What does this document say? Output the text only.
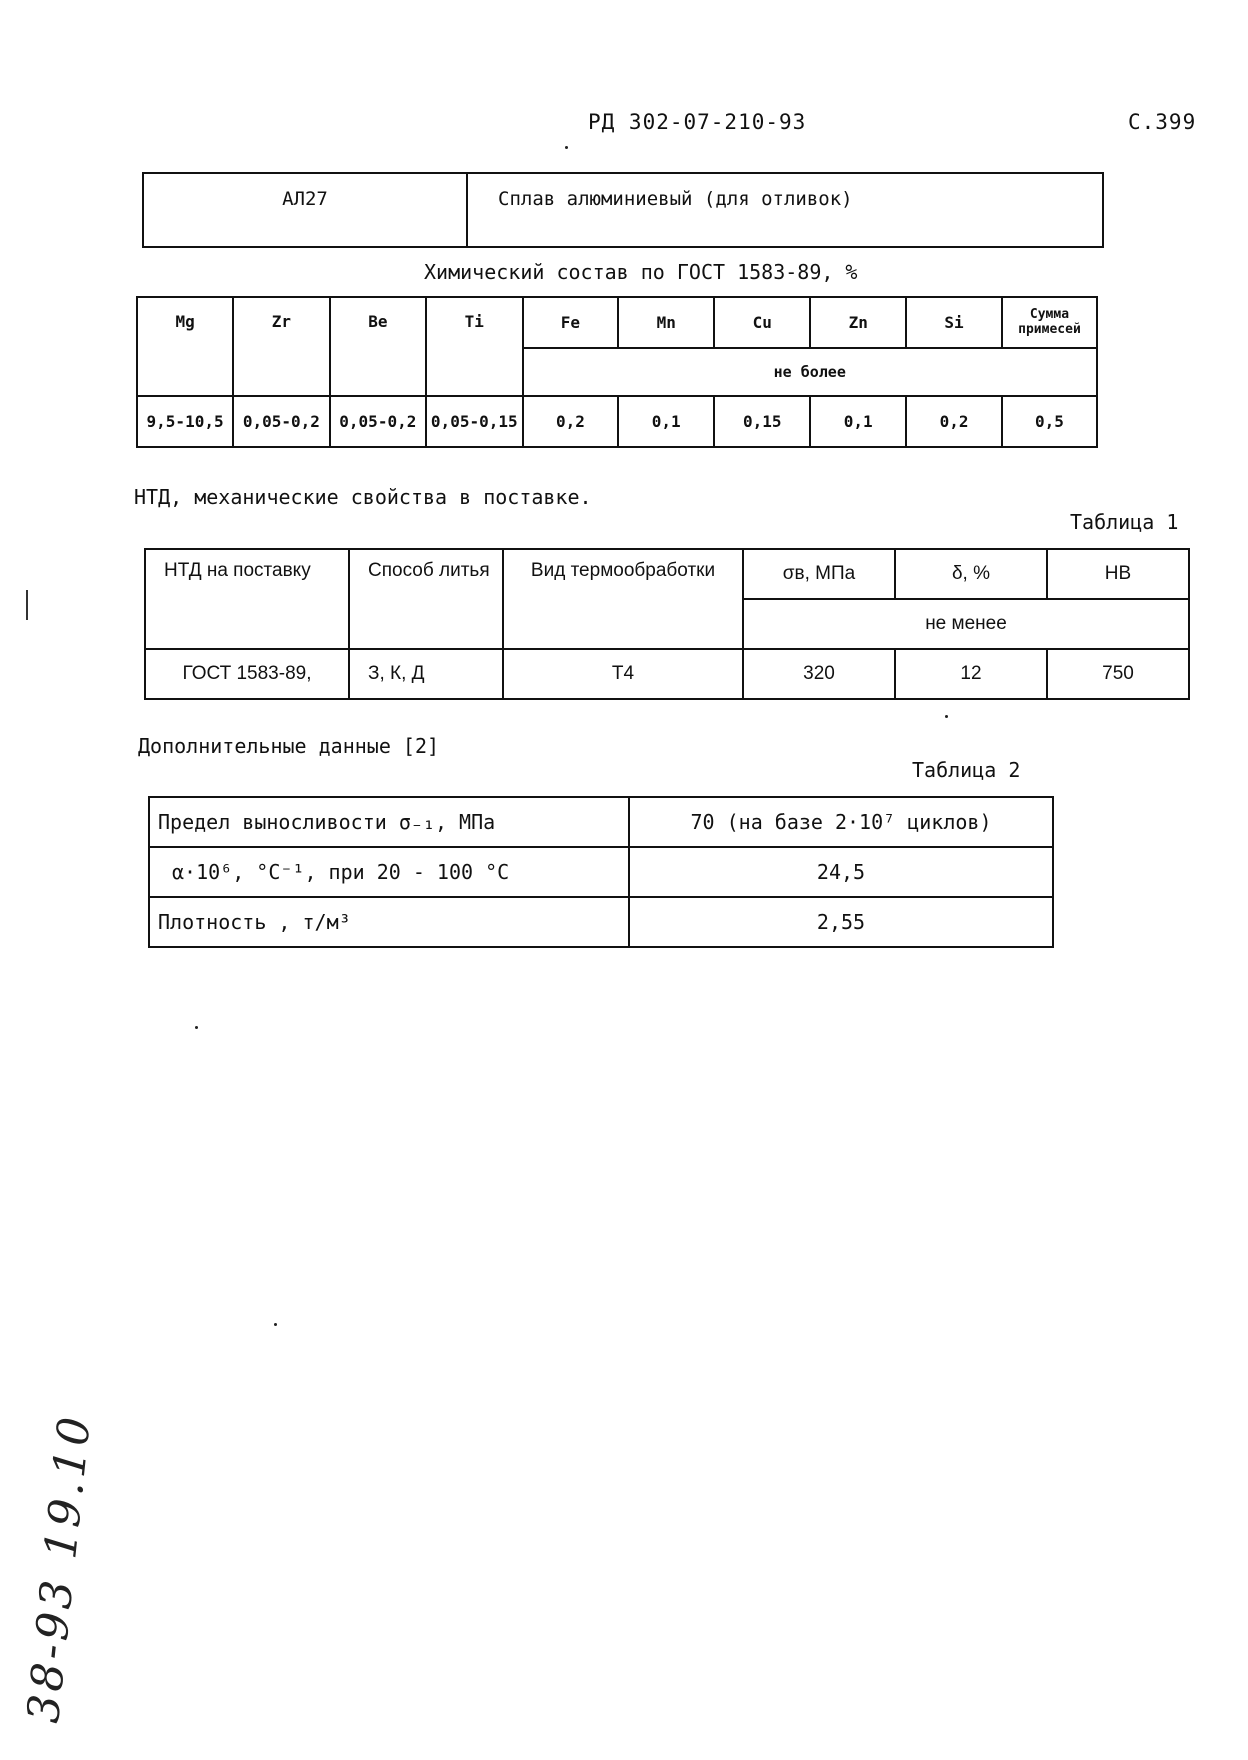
РД 302-07-210-93	С.399
АЛ27	Сплав алюминиевый (для отливок)
Химический состав по ГОСТ 1583-89, %
Mg	Zr	Be	Ti	Fe	Mn	Cu	Zn	Si	Сумма примесей
				не более					
9,5-10,5	0,05-0,2	0,05-0,2	0,05-0,15	0,2	0,1	0,15	0,1	0,2	0,5
НТД, механические свойства в поставке.
Таблица 1
НТД на поставку	Способ литья	Вид термообработки	σв, МПа	δ, %	НВ
			не менее		
ГОСТ 1583-89,	З, К, Д	Т4	320	12	750
Дополнительные данные [2]
Таблица 2
Предел выносливости σ₋₁, МПа	70 (на базе 2·10⁷ циклов)
α·10⁶, °С⁻¹, при 20 - 100 °С	24,5
Плотность , т/м³	2,55
38-93 19.10
